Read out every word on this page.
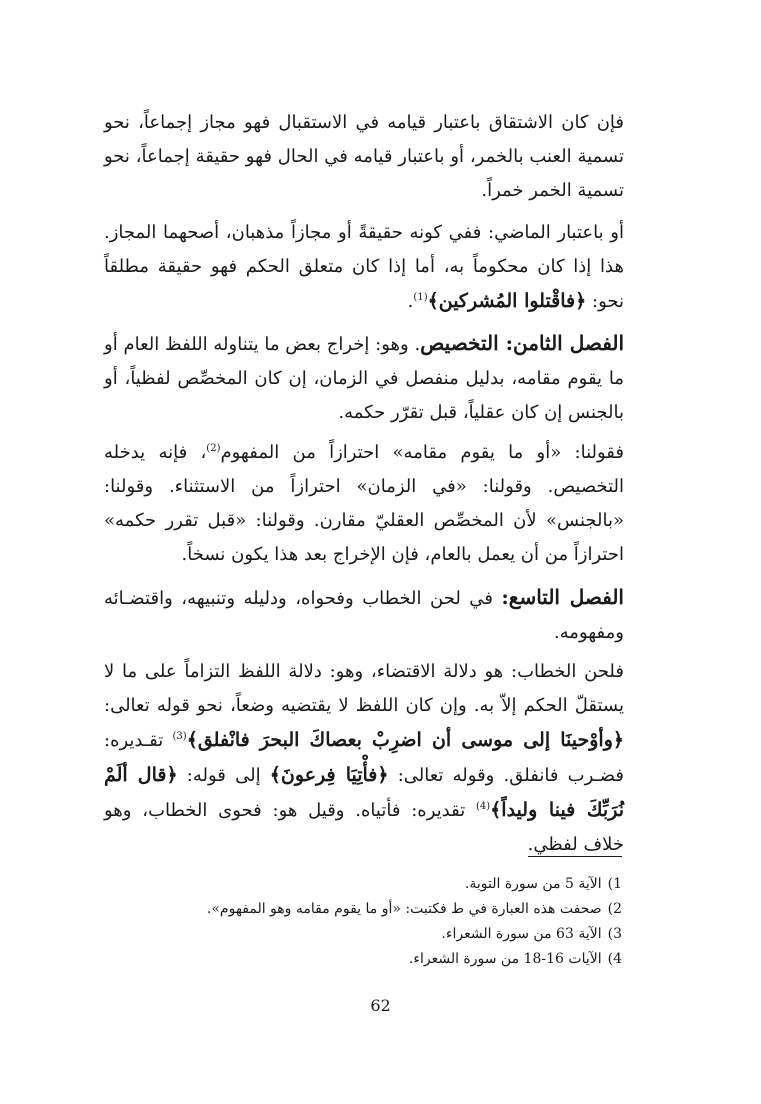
فإن كان الاشتقاق باعتبار قيامه في الاستقبال فهو مجاز إجماعاً، نحو تسمية العنب بالخمر، أو باعتبار قيامه في الحال فهو حقيقة إجماعاً، نحو تسمية الخمر خمراً.

أو باعتبار الماضي: ففي كونه حقيقةً أو مجازاً مذهبان، أصحهما المجاز. هذا إذا كان محكوماً به، أما إذا كان متعلق الحكم فهو حقيقة مطلقاً نحو: ﴿فاقْتلوا المُشركين﴾$^{(1)}$.

الفصل الثامن: التخصيص. وهو: إخراج بعض ما يتناوله اللفظ العام أو ما يقوم مقامه، بدليل منفصل في الزمان، إن كان المخصِّص لفظياً، أو بالجنس إن كان عقلياً، قبل تقرّر حكمه.

فقولنا: «أو ما يقوم مقامه» احترازاً من المفهوم$^{(2)}$، فإنه يدخله التخصيص. وقولنا: «في الزمان» احترازاً من الاستثناء. وقولنا: «بالجنس» لأن المخصِّص العقليّ مقارن. وقولنا: «قبل تقرر حكمه» احترازاً من أن يعمل بالعام، فإن الإخراج بعد هذا يكون نسخاً.

الفصل التاسع: في لحن الخطاب وفحواه، ودليله وتنبيهه، واقتضـائه ومفهومه.

فلحن الخطاب: هو دلالة الاقتضاء، وهو: دلالة اللفظ التزاماً على ما لا يستقلّ الحكم إلاّ به. وإن كان اللفظ لا يقتضيه وضعاً، نحو قوله تعالى: ﴿وأوْحينَا إلى موسى أن اضرِبْ بعصاكَ البحرَ فانْفلق﴾$^{(3)}$ تقـديره: فضـرب فانفلق. وقوله تعالى: ﴿فأْتِيَا فِرعونَ﴾ إلى قوله: ﴿قال ألَمْ نُرَبِّكَ فينا وليداً﴾$^{(4)}$ تقديره: فأتياه. وقيل هو: فحوى الخطاب، وهو خلاف لفظي.

1)الآية 5 من سورة التوبة.
2)صحفت هذه العبارة في ط فكتبت: «أو ما يقوم مقامه وهو المفهوم».
3)الآية 63 من سورة الشعراء.
4)الآيات 16-18 من سورة الشعراء.
62
